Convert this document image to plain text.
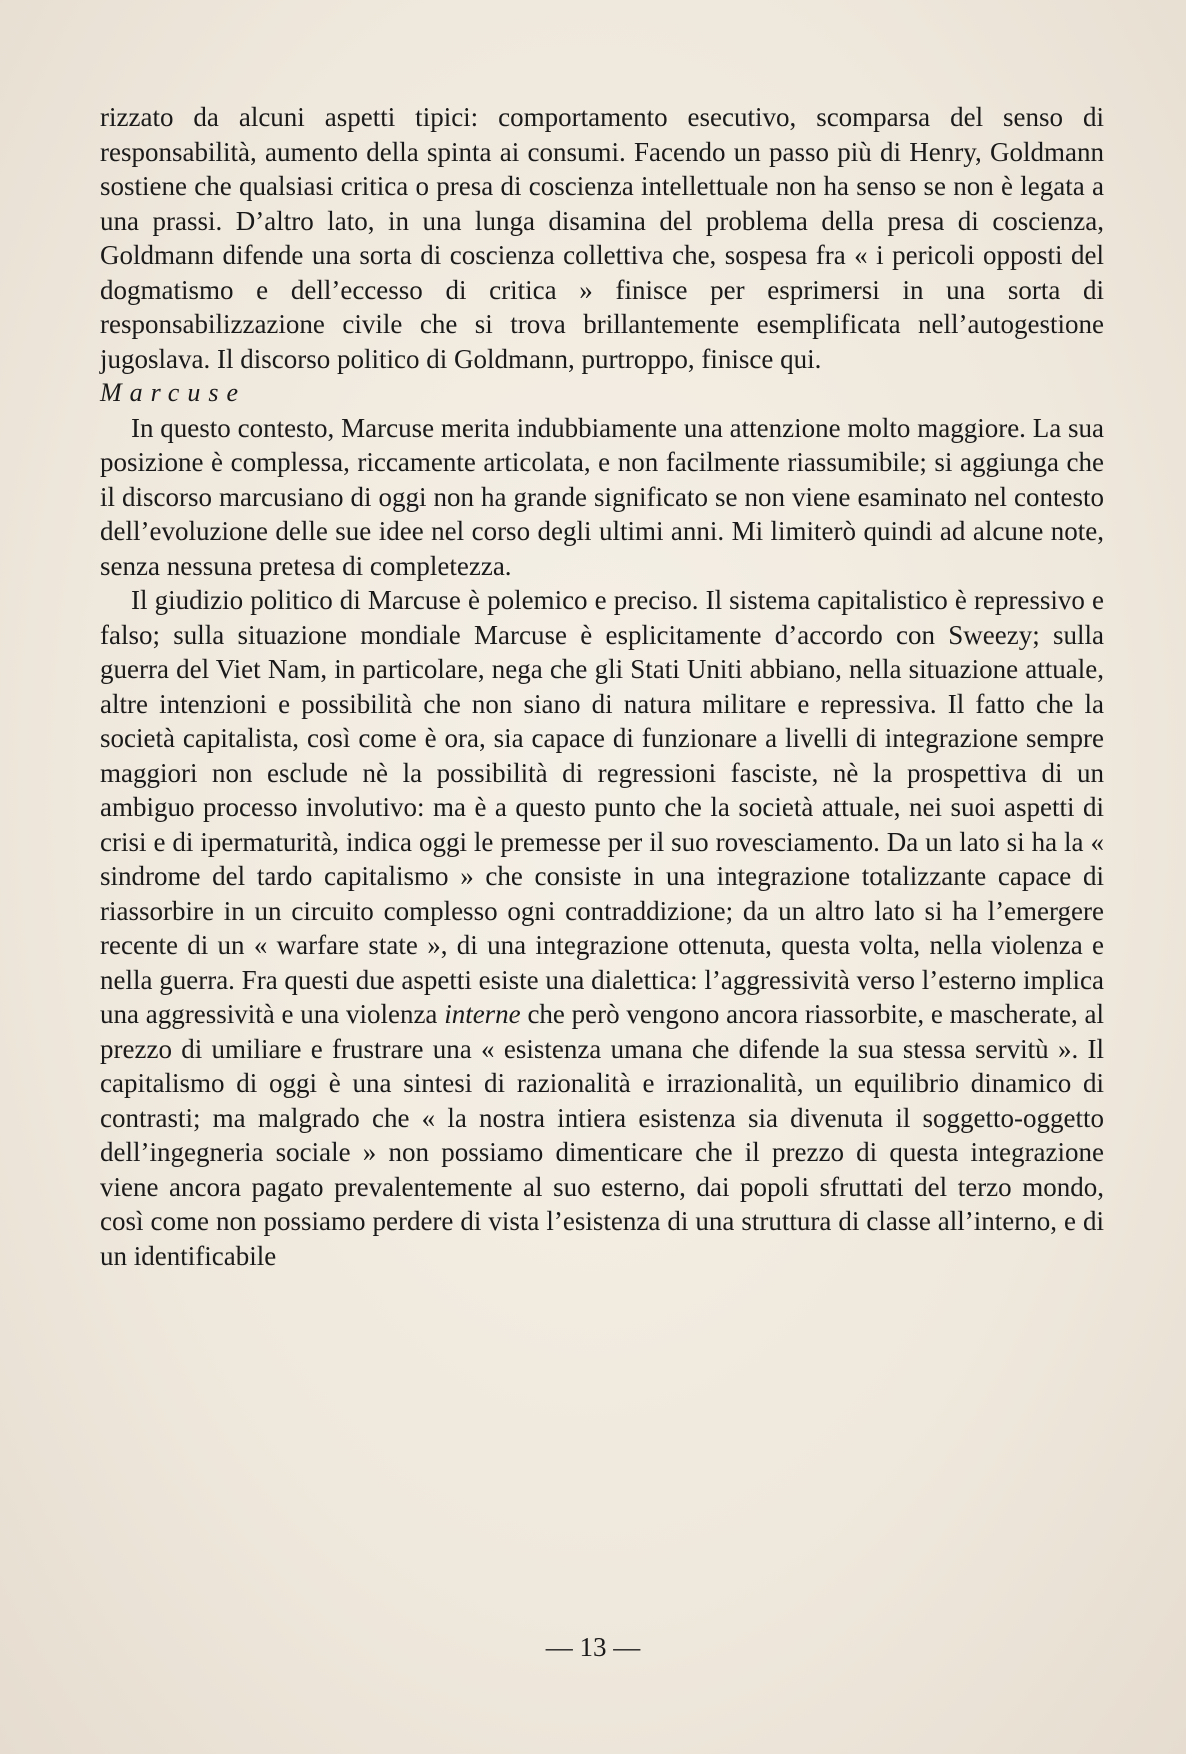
rizzato da alcuni aspetti tipici: comportamento esecutivo, scomparsa del senso di responsabilità, aumento della spinta ai consumi. Facendo un passo più di Henry, Goldmann sostiene che qualsiasi critica o presa di coscienza intellettuale non ha senso se non è legata a una prassi. D’altro lato, in una lunga disamina del problema della presa di coscienza, Goldmann difende una sorta di coscienza collettiva che, sospesa fra « i pericoli opposti del dogmatismo e dell’eccesso di critica » finisce per esprimersi in una sorta di responsabilizzazione civile che si trova brillantemente esemplificata nell’autogestione jugoslava. Il discorso politico di Goldmann, purtroppo, finisce qui.

Marcuse

In questo contesto, Marcuse merita indubbiamente una attenzione molto maggiore. La sua posizione è complessa, riccamente articolata, e non facilmente riassumibile; si aggiunga che il discorso marcusiano di oggi non ha grande significato se non viene esaminato nel contesto dell’evoluzione delle sue idee nel corso degli ultimi anni. Mi limiterò quindi ad alcune note, senza nessuna pretesa di completezza.

Il giudizio politico di Marcuse è polemico e preciso. Il sistema capitalistico è repressivo e falso; sulla situazione mondiale Marcuse è esplicitamente d’accordo con Sweezy; sulla guerra del Viet Nam, in particolare, nega che gli Stati Uniti abbiano, nella situazione attuale, altre intenzioni e possibilità che non siano di natura militare e repressiva. Il fatto che la società capitalista, così come è ora, sia capace di funzionare a livelli di integrazione sempre maggiori non esclude nè la possibilità di regressioni fasciste, nè la prospettiva di un ambiguo processo involutivo: ma è a questo punto che la società attuale, nei suoi aspetti di crisi e di ipermaturità, indica oggi le premesse per il suo rovesciamento. Da un lato si ha la « sindrome del tardo capitalismo » che consiste in una integrazione totalizzante capace di riassorbire in un circuito complesso ogni contraddizione; da un altro lato si ha l’emergere recente di un « warfare state », di una integrazione ottenuta, questa volta, nella violenza e nella guerra. Fra questi due aspetti esiste una dialettica: l’aggressività verso l’esterno implica una aggressività e una violenza interne che però vengono ancora riassorbite, e mascherate, al prezzo di umiliare e frustrare una « esistenza umana che difende la sua stessa servitù ». Il capitalismo di oggi è una sintesi di razionalità e irrazionalità, un equilibrio dinamico di contrasti; ma malgrado che « la nostra intiera esistenza sia divenuta il soggetto-oggetto dell’ingegneria sociale » non possiamo dimenticare che il prezzo di questa integrazione viene ancora pagato prevalentemente al suo esterno, dai popoli sfruttati del terzo mondo, così come non possiamo perdere di vista l’esistenza di una struttura di classe all’interno, e di un identificabile

— 13 —
